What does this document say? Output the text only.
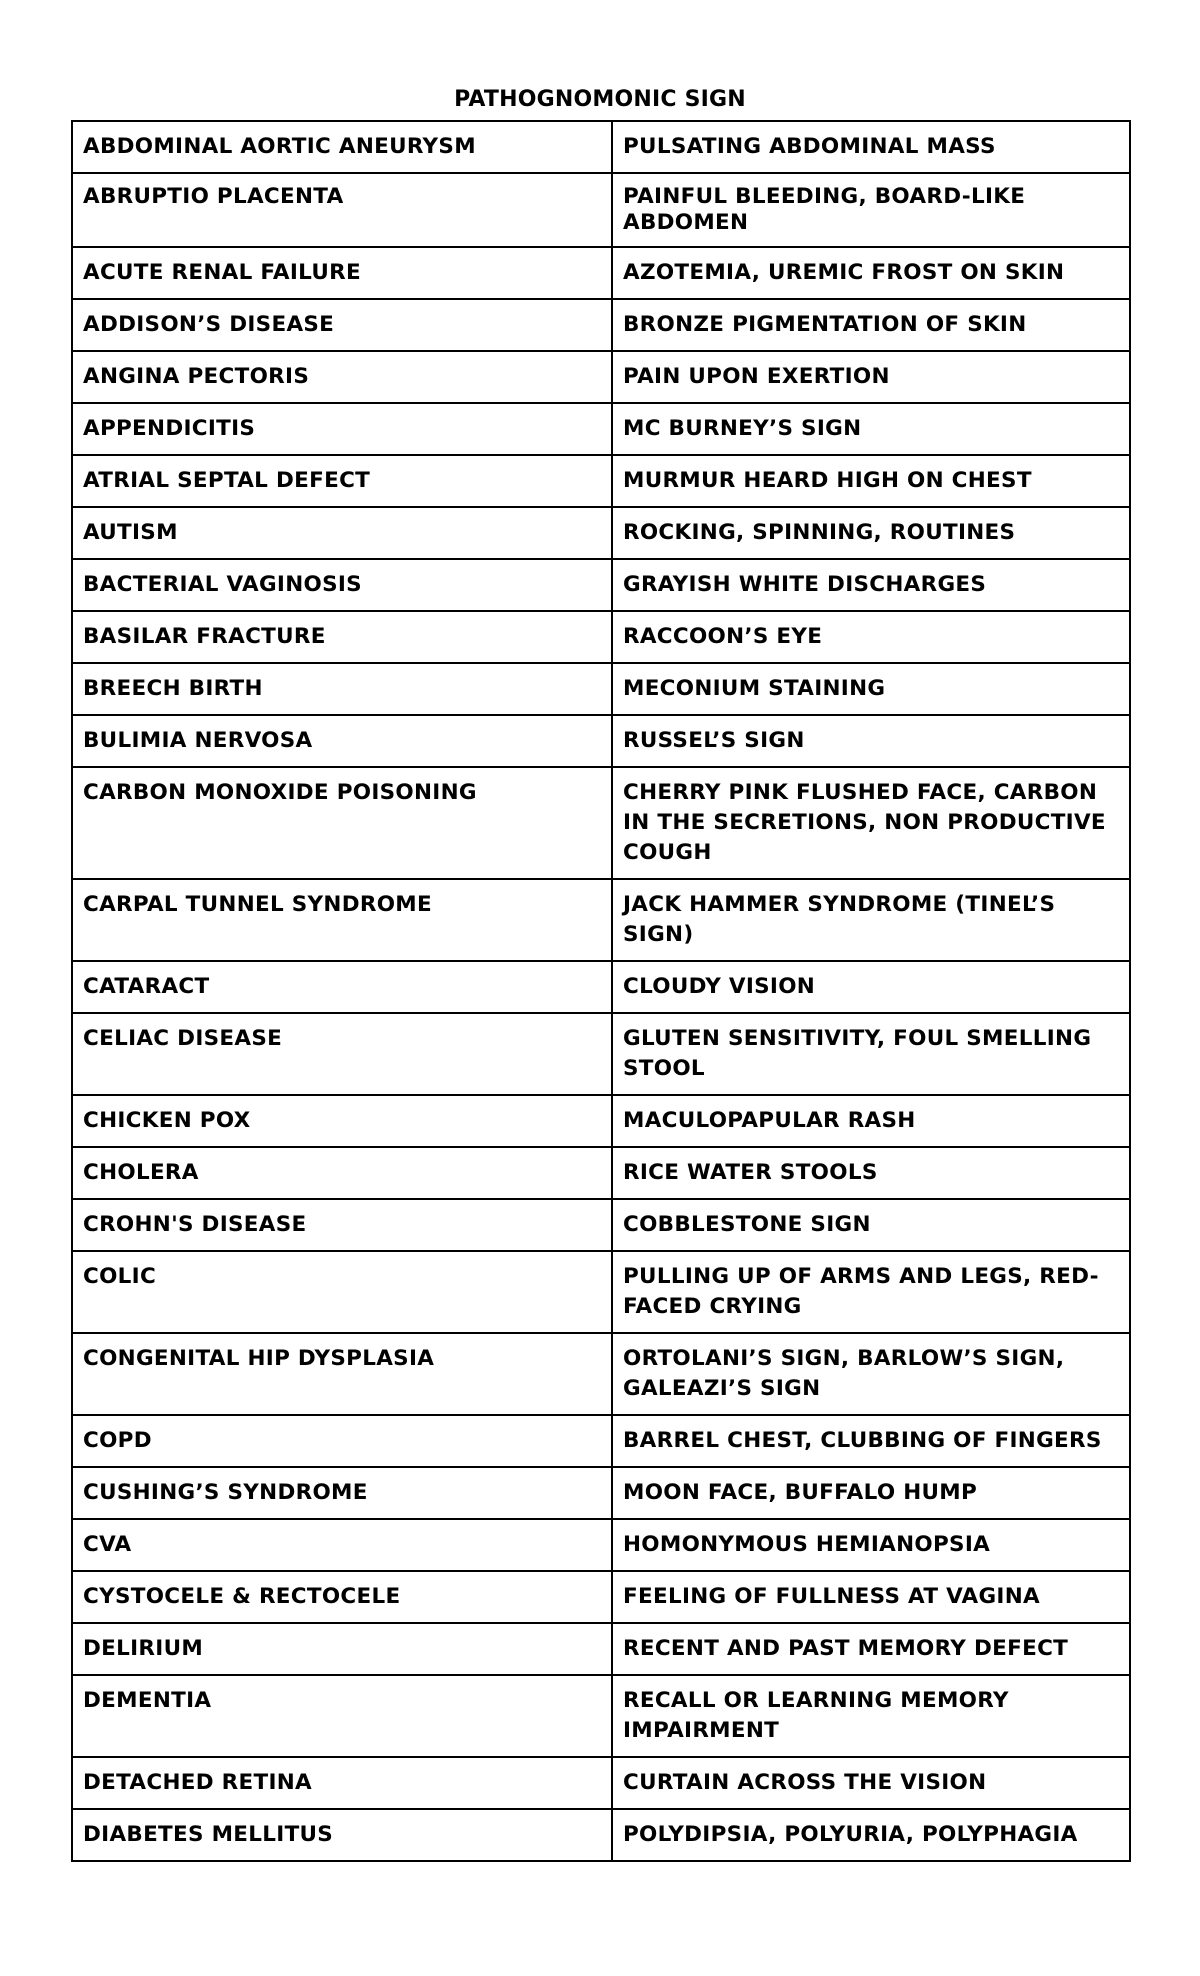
PATHOGNOMONIC SIGN
ABDOMINAL AORTIC ANEURYSM	PULSATING ABDOMINAL MASS
ABRUPTIO PLACENTA	PAINFUL BLEEDING, BOARD-LIKE ABDOMEN
ACUTE RENAL FAILURE	AZOTEMIA, UREMIC FROST ON SKIN
ADDISON’S DISEASE	BRONZE PIGMENTATION OF SKIN
ANGINA PECTORIS	PAIN UPON EXERTION
APPENDICITIS	MC BURNEY’S SIGN
ATRIAL SEPTAL DEFECT	MURMUR HEARD HIGH ON CHEST
AUTISM	ROCKING, SPINNING, ROUTINES
BACTERIAL VAGINOSIS	GRAYISH WHITE DISCHARGES
BASILAR FRACTURE	RACCOON’S EYE
BREECH BIRTH	MECONIUM STAINING
BULIMIA NERVOSA	RUSSEL’S SIGN
CARBON MONOXIDE POISONING	CHERRY PINK FLUSHED FACE, CARBON IN THE SECRETIONS, NON PRODUCTIVE COUGH
CARPAL TUNNEL SYNDROME	JACK HAMMER SYNDROME (TINEL’S SIGN)
CATARACT	CLOUDY VISION
CELIAC DISEASE	GLUTEN SENSITIVITY, FOUL SMELLING STOOL
CHICKEN POX	MACULOPAPULAR RASH
CHOLERA	RICE WATER STOOLS
CROHN'S DISEASE	COBBLESTONE SIGN
COLIC	PULLING UP OF ARMS AND LEGS, RED-FACED CRYING
CONGENITAL HIP DYSPLASIA	ORTOLANI’S SIGN, BARLOW’S SIGN, GALEAZI’S SIGN
COPD	BARREL CHEST, CLUBBING OF FINGERS
CUSHING’S SYNDROME	MOON FACE, BUFFALO HUMP
CVA	HOMONYMOUS HEMIANOPSIA
CYSTOCELE & RECTOCELE	FEELING OF FULLNESS AT VAGINA
DELIRIUM	RECENT AND PAST MEMORY DEFECT
DEMENTIA	RECALL OR LEARNING MEMORY IMPAIRMENT
DETACHED RETINA	CURTAIN ACROSS THE VISION
DIABETES MELLITUS	POLYDIPSIA, POLYURIA, POLYPHAGIA
